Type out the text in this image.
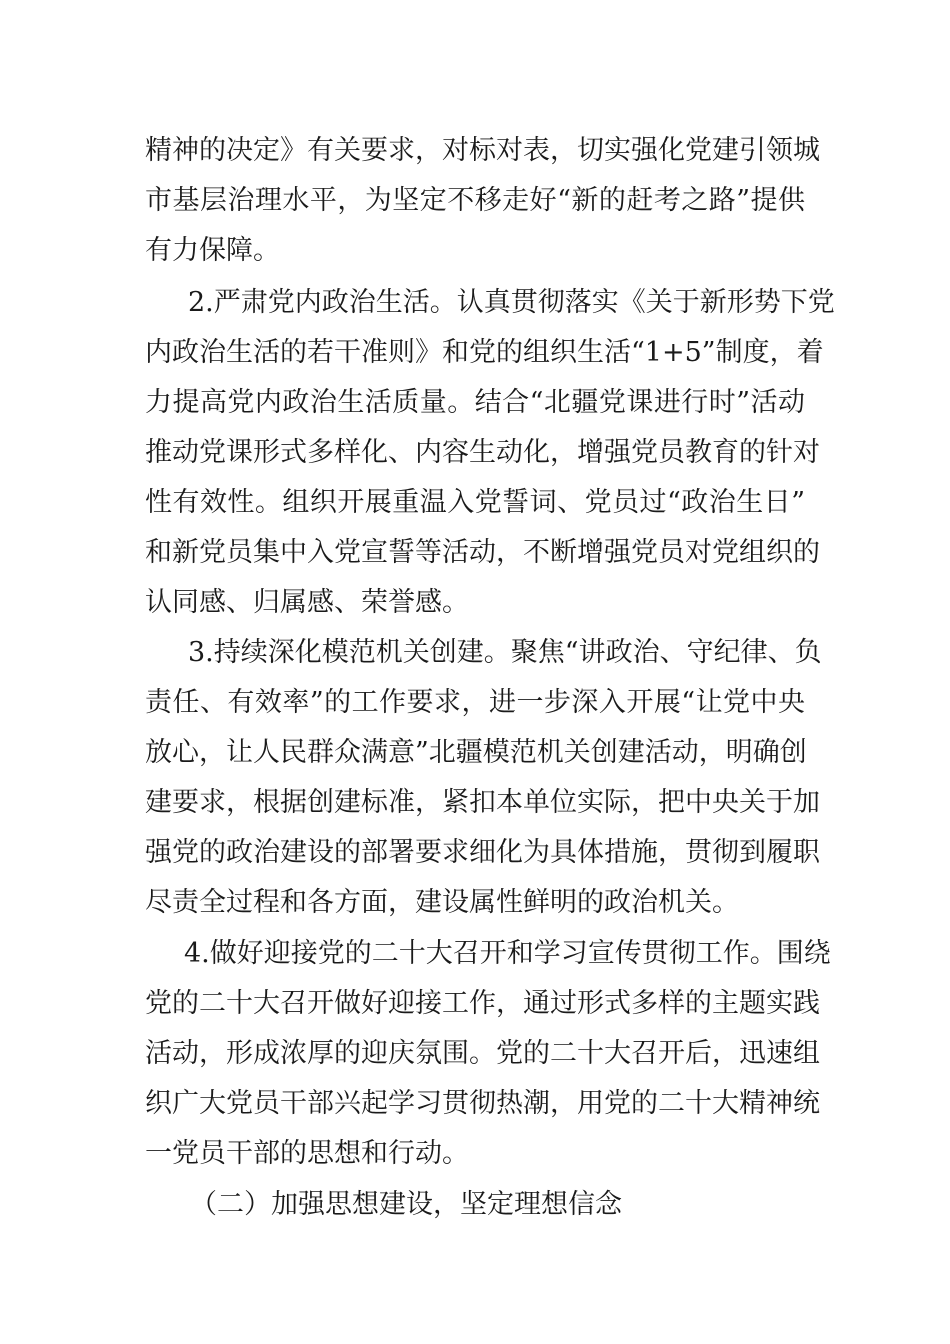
精神的决定》有关要求，对标对表，切实强化党建引领城

市基层治理水平，为坚定不移走好“新的赶考之路”提供

有力保障。

2.严肃党内政治生活。认真贯彻落实《关于新形势下党

内政治生活的若干准则》和党的组织生活“1+5”制度，着

力提高党内政治生活质量。结合“北疆党课进行时”活动

推动党课形式多样化、内容生动化，增强党员教育的针对

性有效性。组织开展重温入党誓词、党员过“政治生日”

和新党员集中入党宣誓等活动，不断增强党员对党组织的

认同感、归属感、荣誉感。

3.持续深化模范机关创建。聚焦“讲政治、守纪律、负

责任、有效率”的工作要求，进一步深入开展“让党中央

放心，让人民群众满意”北疆模范机关创建活动，明确创

建要求，根据创建标准，紧扣本单位实际，把中央关于加

强党的政治建设的部署要求细化为具体措施，贯彻到履职

尽责全过程和各方面，建设属性鲜明的政治机关。

4.做好迎接党的二十大召开和学习宣传贯彻工作。围绕

党的二十大召开做好迎接工作，通过形式多样的主题实践

活动，形成浓厚的迎庆氛围。党的二十大召开后，迅速组

织广大党员干部兴起学习贯彻热潮，用党的二十大精神统

一党员干部的思想和行动。

（二）加强思想建设，坚定理想信念
